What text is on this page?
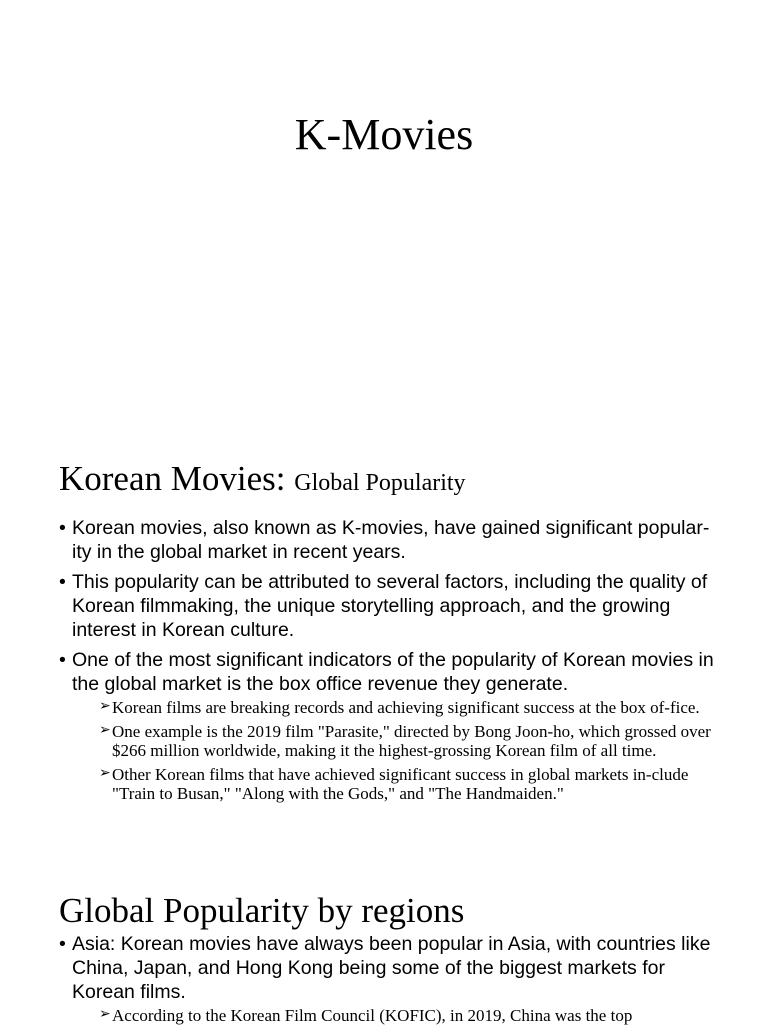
K-Movies
Korean Movies: Global Popularity
• Korean movies, also known as K-movies, have gained significant popular-ity in the global market in recent years.
• This popularity can be attributed to several factors, including the quality of Korean filmmaking, the unique storytelling approach, and the growing interest in Korean culture.
• One of the most significant indicators of the popularity of Korean movies in the global market is the box office revenue they generate.
➢ Korean films are breaking records and achieving significant success at the box of-fice.
➢ One example is the 2019 film "Parasite," directed by Bong Joon-ho, which grossed over $266 million worldwide, making it the highest-grossing Korean film of all time.
➢ Other Korean films that have achieved significant success in global markets in-clude "Train to Busan," "Along with the Gods," and "The Handmaiden."
Global Popularity by regions
• Asia: Korean movies have always been popular in Asia, with countries like China, Japan, and Hong Kong being some of the biggest markets for Korean films.
➢ According to the Korean Film Council (KOFIC), in 2019, China was the top
